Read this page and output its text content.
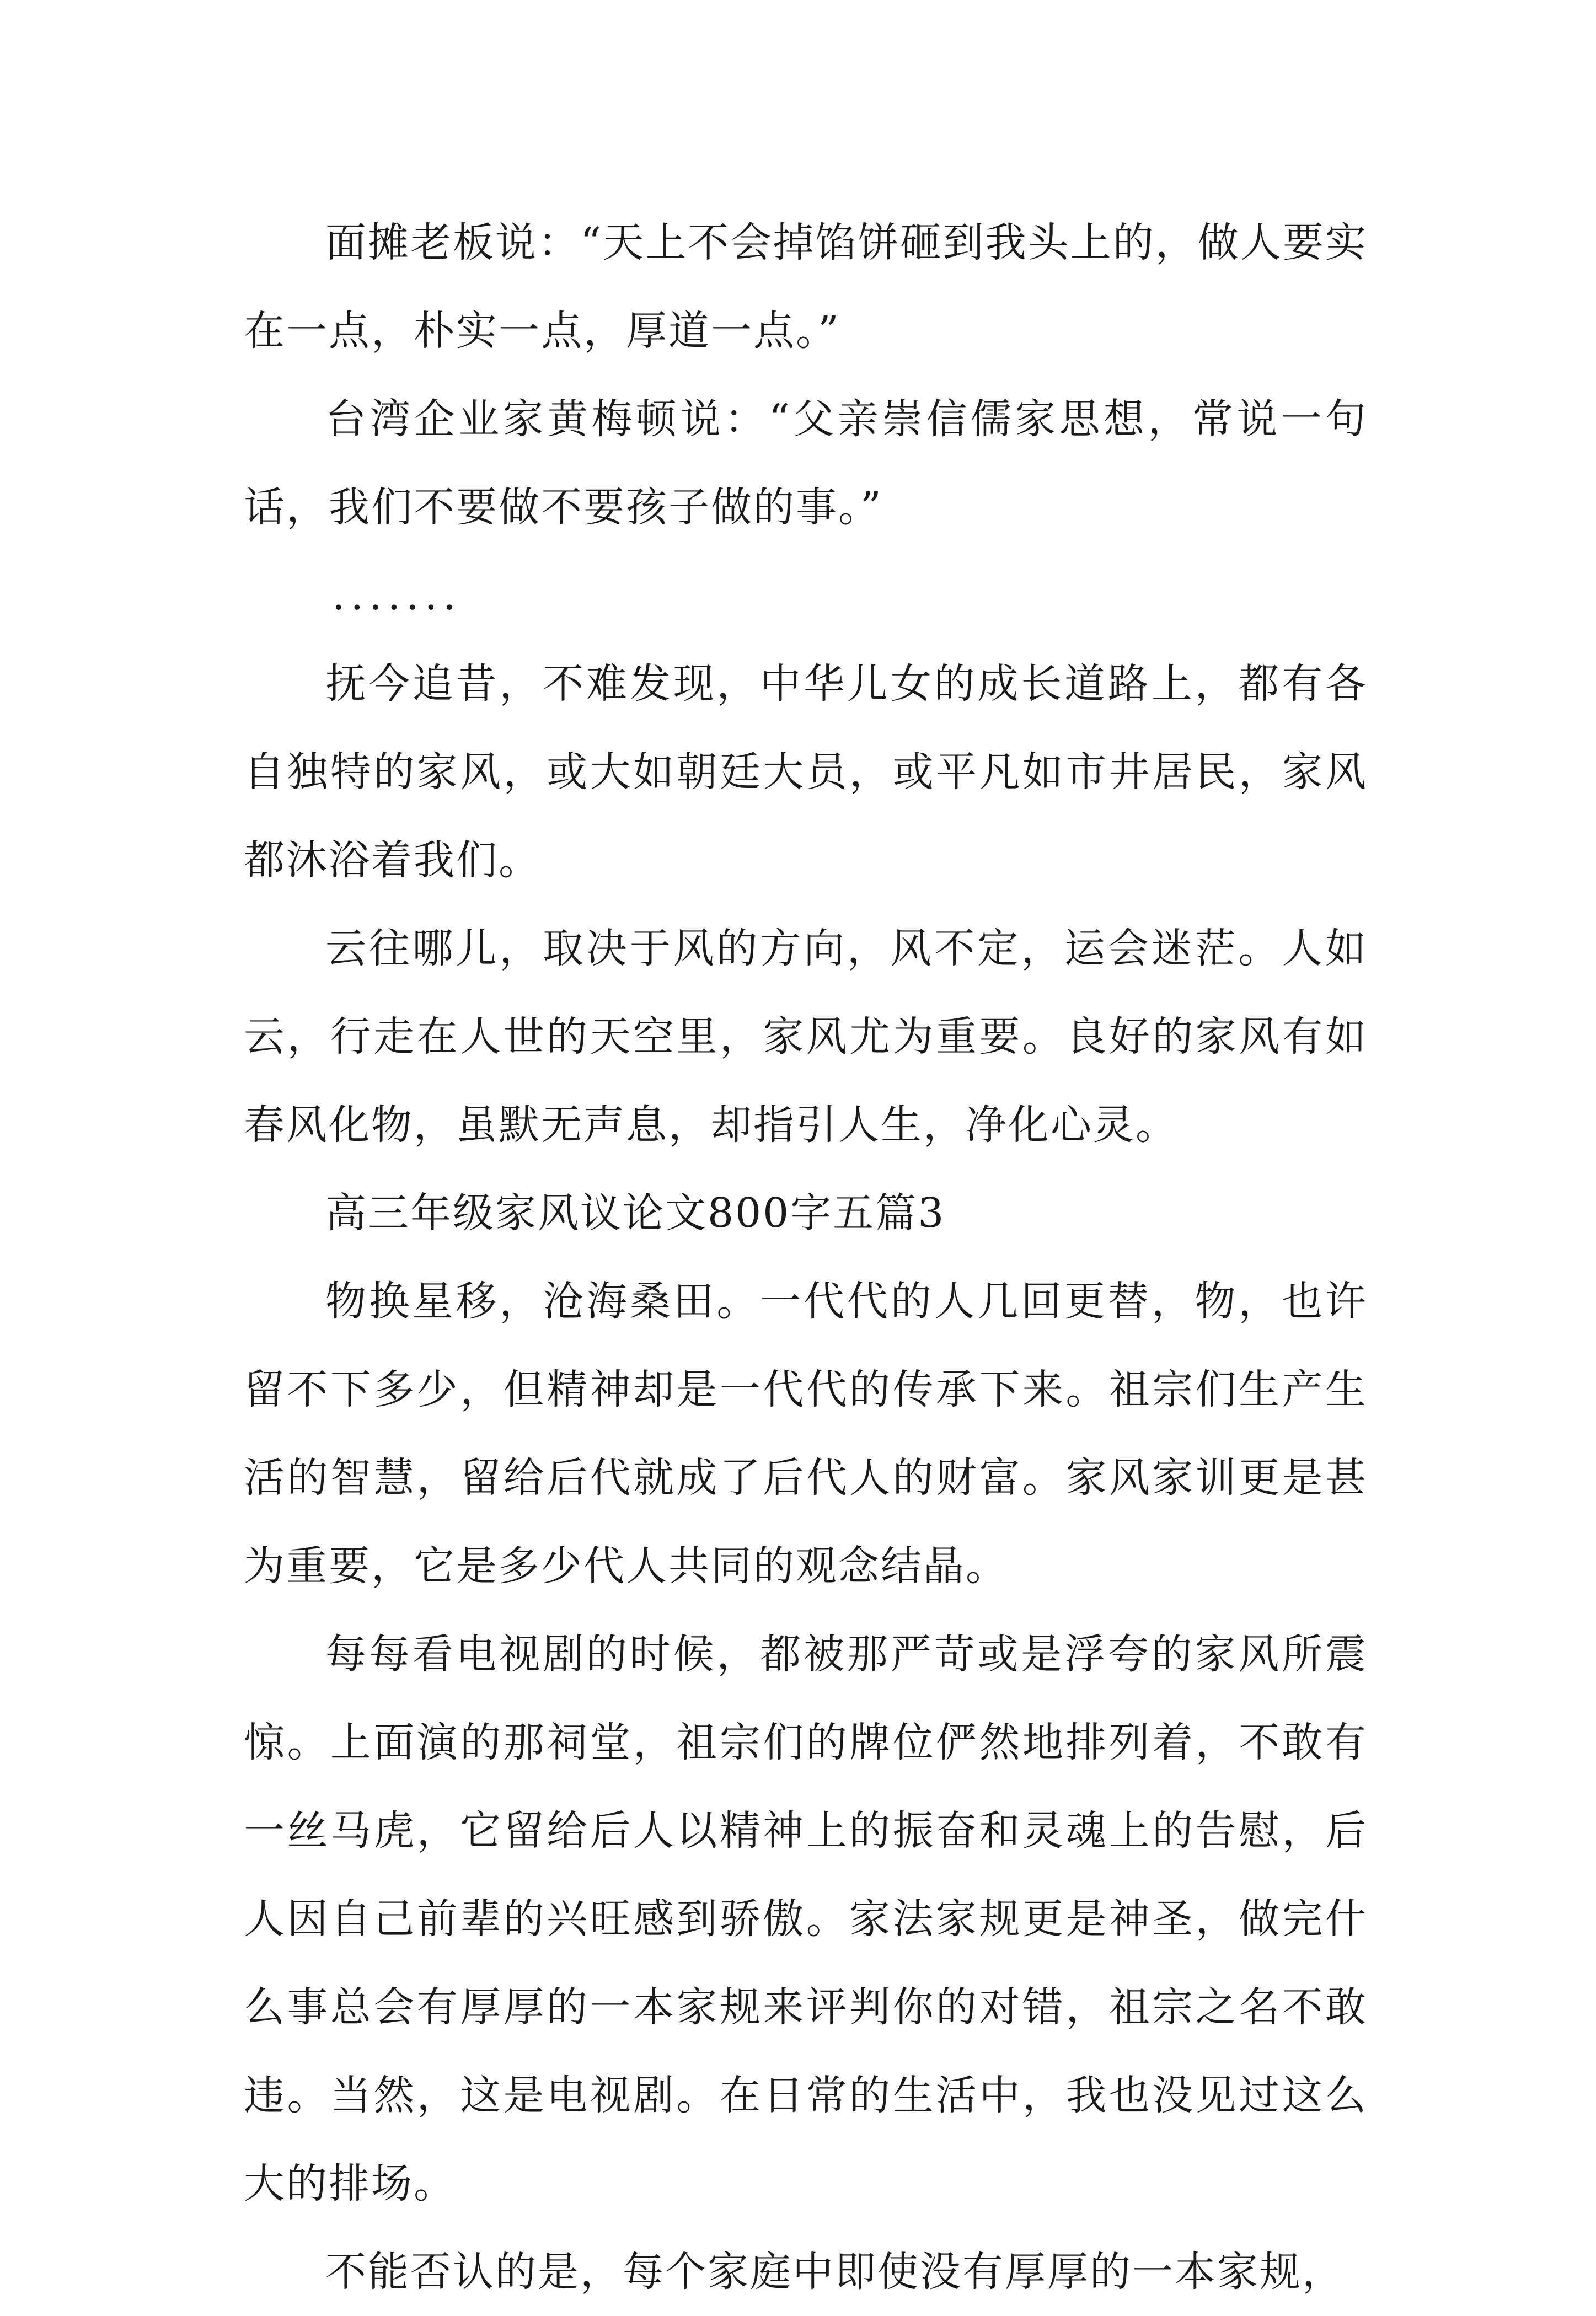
面摊老板说：“天上不会掉馅饼砸到我头上的，做人要实在一点，朴实一点，厚道一点。”

台湾企业家黄梅顿说：“父亲崇信儒家思想，常说一句话，我们不要做不要孩子做的事。”

.......

抚今追昔，不难发现，中华儿女的成长道路上，都有各自独特的家风，或大如朝廷大员，或平凡如市井居民，家风都沐浴着我们。

云往哪儿，取决于风的方向，风不定，运会迷茫。人如云，行走在人世的天空里，家风尤为重要。良好的家风有如春风化物，虽默无声息，却指引人生，净化心灵。

高三年级家风议论文800字五篇3

物换星移，沧海桑田。一代代的人几回更替，物，也许留不下多少，但精神却是一代代的传承下来。祖宗们生产生活的智慧，留给后代就成了后代人的财富。家风家训更是甚为重要，它是多少代人共同的观念结晶。

每每看电视剧的时候，都被那严苛或是浮夸的家风所震惊。上面演的那祠堂，祖宗们的牌位俨然地排列着，不敢有一丝马虎，它留给后人以精神上的振奋和灵魂上的告慰，后人因自己前辈的兴旺感到骄傲。家法家规更是神圣，做完什么事总会有厚厚的一本家规来评判你的对错，祖宗之名不敢违。当然，这是电视剧。在日常的生活中，我也没见过这么大的排场。

不能否认的是，每个家庭中即使没有厚厚的一本家规，
